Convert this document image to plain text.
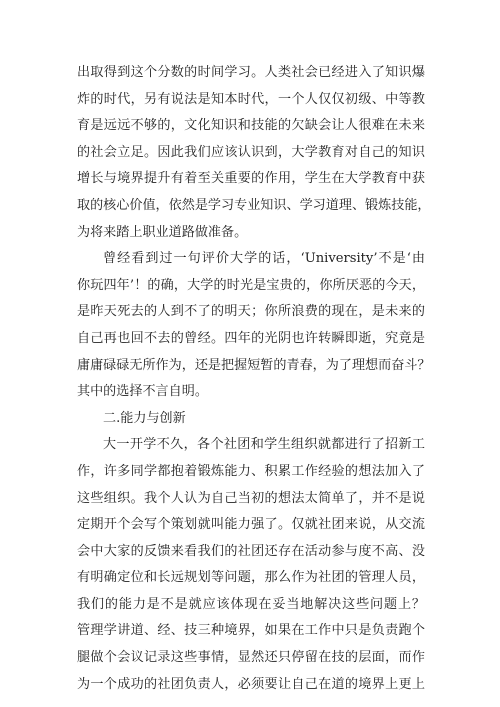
出取得到这个分数的时间学习。人类社会已经进入了知识爆
炸的时代，另有说法是知本时代，一个人仅仅初级、中等教
育是远远不够的，文化知识和技能的欠缺会让人很难在未来
的社会立足。因此我们应该认识到，大学教育对自己的知识
增长与境界提升有着至关重要的作用，学生在大学教育中获
取的核心价值，依然是学习专业知识、学习道理、锻炼技能，
为将来踏上职业道路做准备。
曾经看到过一句评价大学的话，‘University’不是‘由
你玩四年’！的确，大学的时光是宝贵的，你所厌恶的今天，
是昨天死去的人到不了的明天；你所浪费的现在，是未来的
自己再也回不去的曾经。四年的光阴也许转瞬即逝，究竟是
庸庸碌碌无所作为，还是把握短暂的青春，为了理想而奋斗？
其中的选择不言自明。
二.能力与创新
大一开学不久，各个社团和学生组织就都进行了招新工
作，许多同学都抱着锻炼能力、积累工作经验的想法加入了
这些组织。我个人认为自己当初的想法太简单了，并不是说
定期开个会写个策划就叫能力强了。仅就社团来说，从交流
会中大家的反馈来看我们的社团还存在活动参与度不高、没
有明确定位和长远规划等问题，那么作为社团的管理人员，
我们的能力是不是就应该体现在妥当地解决这些问题上？
管理学讲道、经、技三种境界，如果在工作中只是负责跑个
腿做个会议记录这些事情，显然还只停留在技的层面，而作
为一个成功的社团负责人，必须要让自己在道的境界上更上
